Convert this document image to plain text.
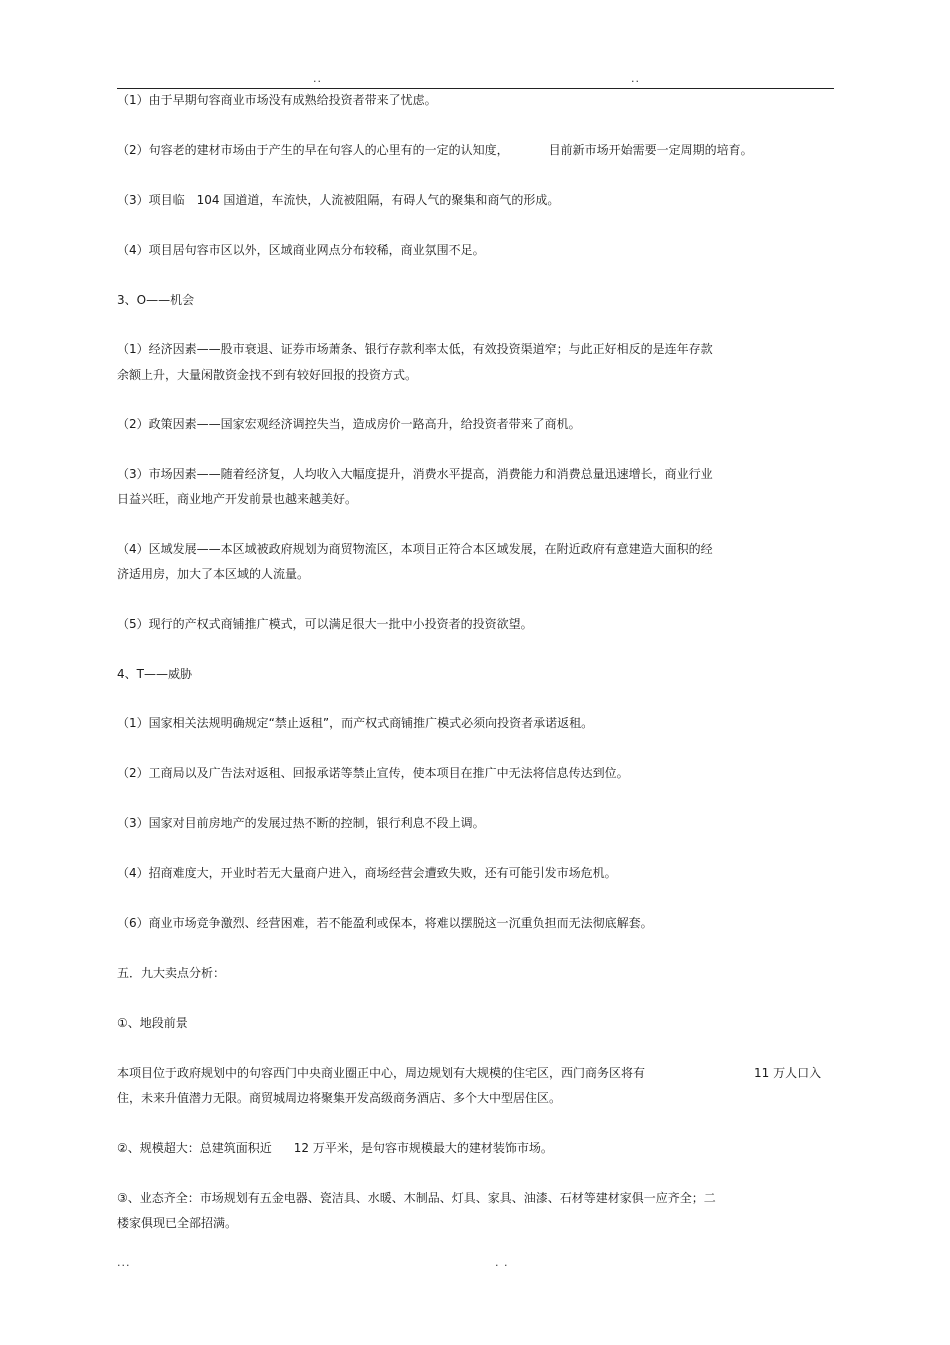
..	..
（1）由于早期句容商业市场没有成熟给投资者带来了忧虑。
（2）句容老的建材市场由于产生的早在句容人的心里有的一定的认知度，	目前新市场开始需要一定周期的培育。
（3）项目临 104 国道道，车流快，人流被阻隔，有碍人气的聚集和商气的形成。
（4）项目居句容市区以外，区域商业网点分布较稀，商业氛围不足。
3、O——机会
（1）经济因素——股市衰退、证券市场萧条、银行存款利率太低，有效投资渠道窄；与此正好相反的是连年存款
余额上升，大量闲散资金找不到有较好回报的投资方式。
（2）政策因素——国家宏观经济调控失当，造成房价一路高升，给投资者带来了商机。
（3）市场因素——随着经济复，人均收入大幅度提升，消费水平提高，消费能力和消费总量迅速增长，商业行业
日益兴旺，商业地产开发前景也越来越美好。
（4）区域发展——本区域被政府规划为商贸物流区，本项目正符合本区域发展，在附近政府有意建造大面积的经
济适用房，加大了本区域的人流量。
（5）现行的产权式商铺推广模式，可以满足很大一批中小投资者的投资欲望。
4、T——威胁
（1）国家相关法规明确规定“禁止返租”，而产权式商铺推广模式必须向投资者承诺返租。
（2）工商局以及广告法对返租、回报承诺等禁止宣传，使本项目在推广中无法将信息传达到位。
（3）国家对目前房地产的发展过热不断的控制，银行利息不段上调。
（4）招商难度大，开业时若无大量商户进入，商场经营会遭致失败，还有可能引发市场危机。
（6）商业市场竞争激烈、经营困难，若不能盈利或保本，将难以摆脱这一沉重负担而无法彻底解套。
五．九大卖点分析：
①、地段前景
本项目位于政府规划中的句容西门中央商业圈正中心，周边规划有大规模的住宅区，西门商务区将有	11 万人口入
住，未来升值潜力无限。商贸城周边将聚集开发高级商务酒店、多个大中型居住区。
②、规模超大：总建筑面积近 12 万平米，是句容市规模最大的建材装饰市场。
③、业态齐全：市场规划有五金电器、瓷洁具、水暖、木制品、灯具、家具、油漆、石材等建材家俱一应齐全；二
楼家俱现已全部招满。
...	. .
